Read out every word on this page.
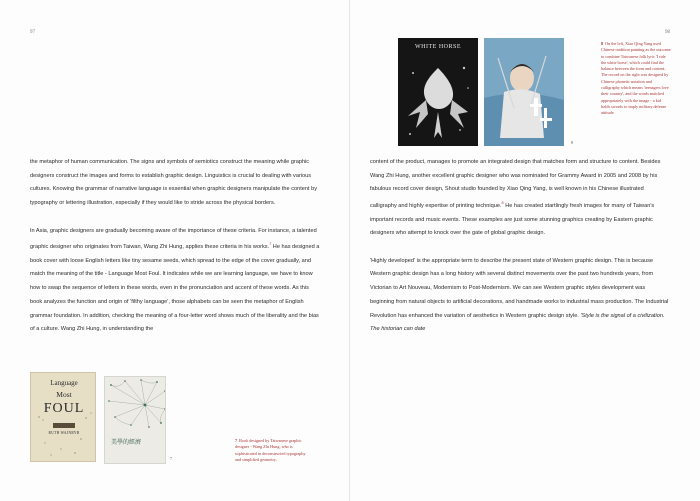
97

the metaphor of human communication. The signs and symbols of semiotics construct the meaning while graphic designers construct the images and forms to establish graphic design. Linguistics is crucial to dealing with various cultures. Knowing the grammar of narrative language is essential when graphic designers manipulate the content by typography or lettering illustration, especially if they would like to stride across the physical borders.

In Asia, graphic designers are gradually becoming aware of the importance of these criteria. For instance, a talented graphic designer who originates from Taiwan, Wang Zhi Hung, applies these criteria in his works.$^7$ He has designed a book cover with loose English letters like tiny sesame seeds, which spread to the edge of the cover gradually, and match the meaning of the title - Language Most Foul. It indicates while we are learning language, we have to know how to swap the sequence of letters in these words, even in the pronunciation and accent of these words. As this book analyzes the function and origin of 'filthy language', those alphabets can be seen the metaphor of English grammar foundation. In addition, checking the meaning of a four-letter word shows much of the liberality and the bias of a culture. Wang Zhi Hung, in understanding the

Language
Most
FOUL
RUTH WAJNRYB
美學的經濟
7
7 Book designed by Taiwanese graphic designer - Wang Zhi Hung, who is sophisticated in deconstructed typography and simplified geometry.
98
WHITE HORSE
8
8 On the left, Xiao Qing Yang used Chinese tradition painting as the outcome to combine Taiwanese folk lyric 'I ride the white horse', which could find the balance between the form and content. The record on the right was designed by Chinese phonetic notation and calligraphy which means 'teenagers love their country', and the words matched appropriately with the image - a kid holds swords to imply military defense attitude.

content of the product, manages to promote an integrated design that matches form and structure to content. Besides Wang Zhi Hung, another excellent graphic designer who was nominated for Grammy Award in 2005 and 2008 by his fabulous record cover design, Shout studio founded by Xiao Qing Yang, is well known in his Chinese illustrated calligraphy and highly expertise of printing technique.$^8$ He has created startlingly fresh images for many of Taiwan's important records and music events. These examples are just some stunning graphics creating by Eastern graphic designers who attempt to knock over the gate of global graphic design.

'Highly developed' is the appropriate term to describe the present state of Western graphic design. This is because Western graphic design has a long history with several distinct movements over the past two hundreds years, from Victorian to Art Nouveau, Modernism to Post-Modernism. We can see Western graphic styles development was beginning from natural objects to artificial decorations, and handmade works to industrial mass production. The Industrial Revolution has enhanced the variation of aesthetics in Western graphic design style. 'Style is the signal of a civilization. The historian can date
